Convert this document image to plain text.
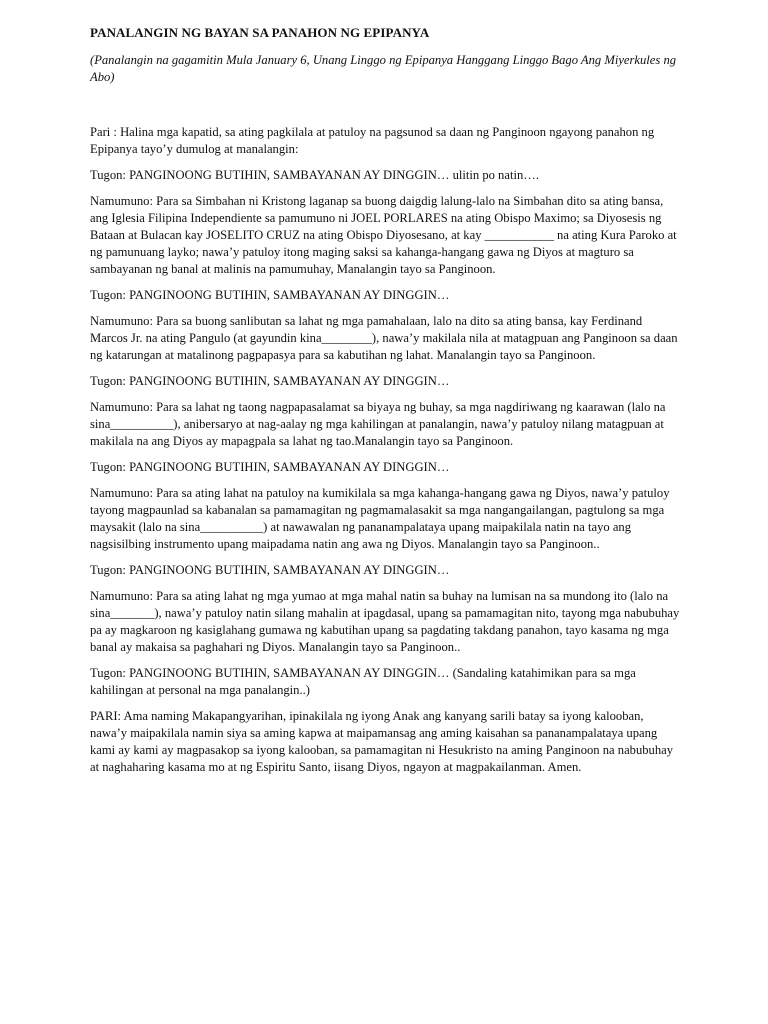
PANALANGIN NG BAYAN SA PANAHON NG EPIPANYA
(Panalangin na gagamitin Mula January 6, Unang Linggo ng Epipanya Hanggang Linggo Bago Ang Miyerkules ng Abo)

Pari : Halina mga kapatid, sa ating pagkilala at patuloy na pagsunod sa daan ng Panginoon ngayong panahon ng Epipanya tayo’y dumulog at manalangin:

Tugon: PANGINOONG BUTIHIN, SAMBAYANAN AY DINGGIN… ulitin po natin….

Namumuno: Para sa Simbahan ni Kristong laganap sa buong daigdig lalung-lalo na Simbahan dito sa ating bansa, ang Iglesia Filipina Independiente sa pamumuno ni JOEL PORLARES na ating Obispo Maximo; sa Diyosesis ng Bataan at Bulacan kay JOSELITO CRUZ na ating Obispo Diyosesano, at kay ___________ na ating Kura Paroko at ng pamunuang layko; nawa’y patuloy itong maging saksi sa kahanga-hangang gawa ng Diyos at magturo sa sambayanan ng banal at malinis na pamumuhay, Manalangin tayo sa Panginoon.

Tugon: PANGINOONG BUTIHIN, SAMBAYANAN AY DINGGIN…

Namumuno: Para sa buong sanlibutan sa lahat ng mga pamahalaan, lalo na dito sa ating bansa, kay Ferdinand Marcos Jr. na ating Pangulo (at gayundin kina________), nawa’y makilala nila at matagpuan ang Panginoon sa daan ng katarungan at matalinong pagpapasya para sa kabutihan ng lahat. Manalangin tayo sa Panginoon.

Tugon: PANGINOONG BUTIHIN, SAMBAYANAN AY DINGGIN…

Namumuno: Para sa lahat ng taong nagpapasalamat sa biyaya ng buhay, sa mga nagdiriwang ng kaarawan (lalo na sina__________), anibersaryo at nag-aalay ng mga kahilingan at panalangin, nawa’y patuloy nilang matagpuan at makilala na ang Diyos ay mapagpala sa lahat ng tao.Manalangin tayo sa Panginoon.

Tugon: PANGINOONG BUTIHIN, SAMBAYANAN AY DINGGIN…

Namumuno: Para sa ating lahat na patuloy na kumikilala sa mga kahanga-hangang gawa ng Diyos, nawa’y patuloy tayong magpaunlad sa kabanalan sa pamamagitan ng pagmamalasakit sa mga nangangailangan, pagtulong sa mga maysakit (lalo na sina__________) at nawawalan ng pananampalataya upang maipakilala natin na tayo ang nagsisilbing instrumento upang maipadama natin ang awa ng Diyos. Manalangin tayo sa Panginoon..

Tugon: PANGINOONG BUTIHIN, SAMBAYANAN AY DINGGIN…

Namumuno: Para sa ating lahat ng mga yumao at mga mahal natin sa buhay na lumisan na sa mundong ito (lalo na sina_______), nawa’y patuloy natin silang mahalin at ipagdasal, upang sa pamamagitan nito, tayong mga nabubuhay pa ay magkaroon ng kasiglahang gumawa ng kabutihan upang sa pagdating takdang panahon, tayo kasama ng mga banal ay makaisa sa paghahari ng Diyos. Manalangin tayo sa Panginoon..

Tugon: PANGINOONG BUTIHIN, SAMBAYANAN AY DINGGIN… (Sandaling katahimikan para sa mga kahilingan at personal na mga panalangin..)

PARI: Ama naming Makapangyarihan, ipinakilala ng iyong Anak ang kanyang sarili batay sa iyong kalooban, nawa’y maipakilala namin siya sa aming kapwa at maipamansag ang aming kaisahan sa pananampalataya upang kami ay kami ay magpasakop sa iyong kalooban, sa pamamagitan ni Hesukristo na aming Panginoon na nabubuhay at naghaharing kasama mo at ng Espiritu Santo, iisang Diyos, ngayon at magpakailanman. Amen.
